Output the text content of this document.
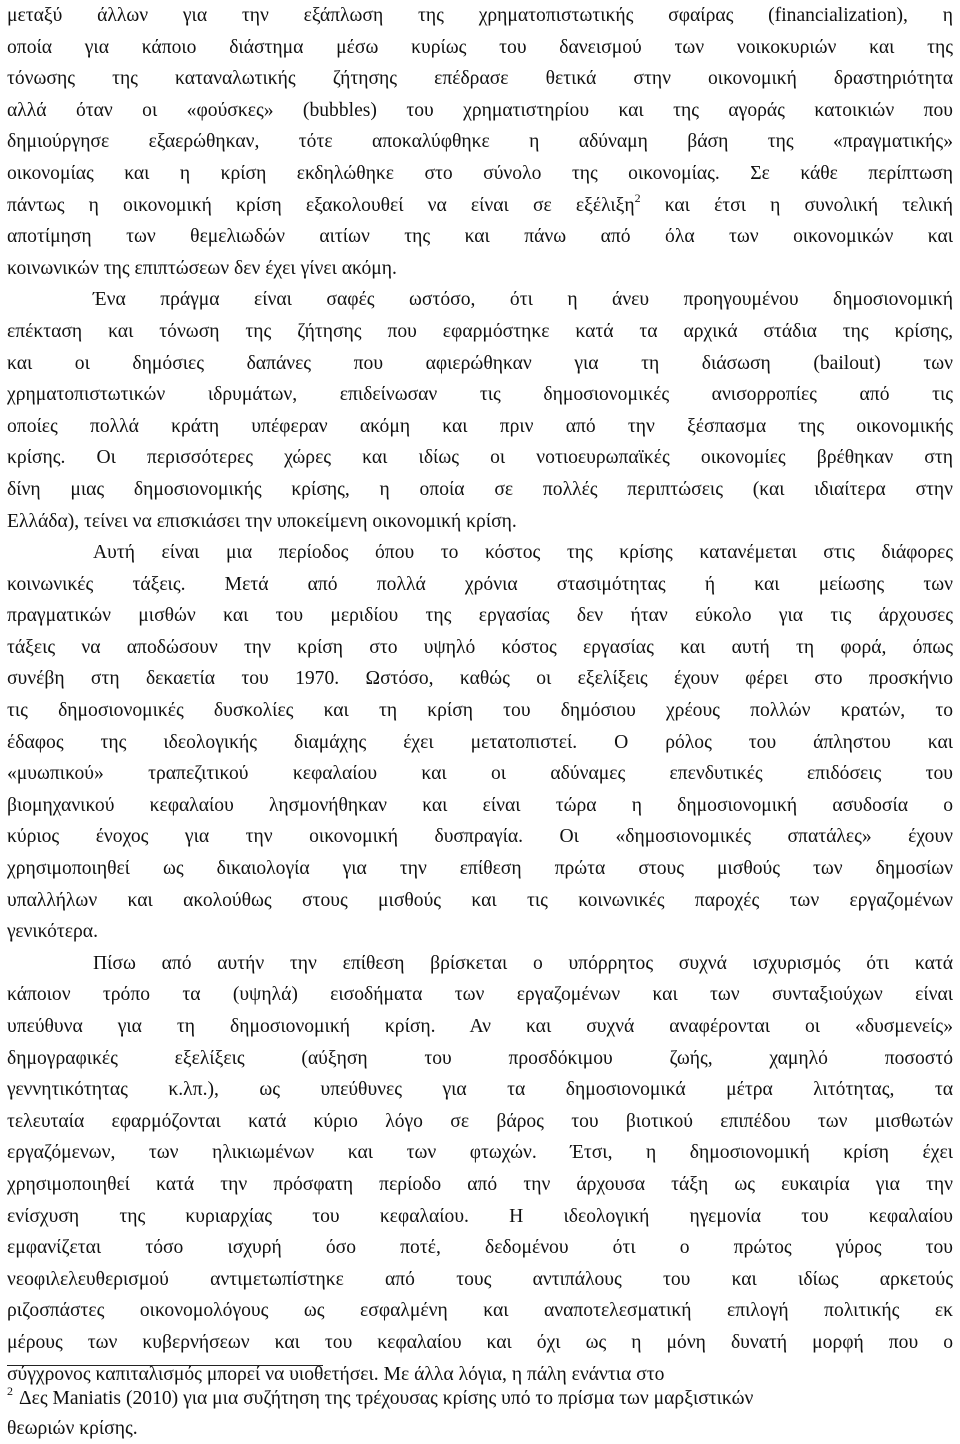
μεταξύ άλλων για την εξάπλωση της χρηματοπιστωτικής σφαίρας (financialization), η
οποία για κάποιο διάστημα μέσω κυρίως του δανεισμού των νοικοκυριών και της
τόνωσης της καταναλωτικής ζήτησης επέδρασε θετικά στην οικονομική δραστηριότητα
αλλά όταν οι «φούσκες» (bubbles) του χρηματιστηρίου και της αγοράς κατοικιών που
δημιούργησε εξαερώθηκαν, τότε αποκαλύφθηκε η αδύναμη βάση της «πραγματικής»
οικονομίας και η κρίση εκδηλώθηκε στο σύνολο της οικονομίας. Σε κάθε περίπτωση
πάντως η οικονομική κρίση εξακολουθεί να είναι σε εξέλιξη$^2$ και έτσι η συνολική τελική
αποτίμηση των θεμελιωδών αιτίων της και πάνω από όλα των οικονομικών και
κοινωνικών της επιπτώσεων δεν έχει γίνει ακόμη.
Ένα πράγμα είναι σαφές ωστόσο, ότι η άνευ προηγουμένου δημοσιονομική
επέκταση και τόνωση της ζήτησης που εφαρμόστηκε κατά τα αρχικά στάδια της κρίσης,
και οι δημόσιες δαπάνες που αφιερώθηκαν για τη διάσωση (bailout) των
χρηματοπιστωτικών ιδρυμάτων, επιδείνωσαν τις δημοσιονομικές ανισορροπίες από τις
οποίες πολλά κράτη υπέφεραν ακόμη και πριν από την ξέσπασμα της οικονομικής
κρίσης. Οι περισσότερες χώρες και ιδίως οι νοτιοευρωπαϊκές οικονομίες βρέθηκαν στη
δίνη μιας δημοσιονομικής κρίσης, η οποία σε πολλές περιπτώσεις (και ιδιαίτερα στην
Ελλάδα), τείνει να επισκιάσει την υποκείμενη οικονομική κρίση.
Αυτή είναι μια περίοδος όπου το κόστος της κρίσης κατανέμεται στις διάφορες
κοινωνικές τάξεις. Μετά από πολλά χρόνια στασιμότητας ή και μείωσης των
πραγματικών μισθών και του μεριδίου της εργασίας δεν ήταν εύκολο για τις άρχουσες
τάξεις να αποδώσουν την κρίση στο υψηλό κόστος εργασίας και αυτή τη φορά, όπως
συνέβη στη δεκαετία του 1970. Ωστόσο, καθώς οι εξελίξεις έχουν φέρει στο προσκήνιο
τις δημοσιονομικές δυσκολίες και τη κρίση του δημόσιου χρέους πολλών κρατών, το
έδαφος της ιδεολογικής διαμάχης έχει μετατοπιστεί. Ο ρόλος του άπληστου και
«μυωπικού» τραπεζιτικού κεφαλαίου και οι αδύναμες επενδυτικές επιδόσεις του
βιομηχανικού κεφαλαίου λησμονήθηκαν και είναι τώρα η δημοσιονομική ασυδοσία ο
κύριος ένοχος για την οικονομική δυσπραγία. Οι «δημοσιονομικές σπατάλες» έχουν
χρησιμοποιηθεί ως δικαιολογία για την επίθεση πρώτα στους μισθούς των δημοσίων
υπαλλήλων και ακολούθως στους μισθούς και τις κοινωνικές παροχές των εργαζομένων
γενικότερα.
Πίσω από αυτήν την επίθεση βρίσκεται ο υπόρρητος συχνά ισχυρισμός ότι κατά
κάποιον τρόπο τα (υψηλά) εισοδήματα των εργαζομένων και των συνταξιούχων είναι
υπεύθυνα για τη δημοσιονομική κρίση. Αν και συχνά αναφέρονται οι «δυσμενείς»
δημογραφικές εξελίξεις (αύξηση του προσδόκιμου ζωής, χαμηλό ποσοστό
γεννητικότητας κ.λπ.), ως υπεύθυνες για τα δημοσιονομικά μέτρα λιτότητας, τα
τελευταία εφαρμόζονται κατά κύριο λόγο σε βάρος του βιοτικού επιπέδου των μισθωτών
εργαζόμενων, των ηλικιωμένων και των φτωχών. Έτσι, η δημοσιονομική κρίση έχει
χρησιμοποιηθεί κατά την πρόσφατη περίοδο από την άρχουσα τάξη ως ευκαιρία για την
ενίσχυση της κυριαρχίας του κεφαλαίου. Η ιδεολογική ηγεμονία του κεφαλαίου
εμφανίζεται τόσο ισχυρή όσο ποτέ, δεδομένου ότι ο πρώτος γύρος του
νεοφιλελευθερισμού αντιμετωπίστηκε από τους αντιπάλους του και ιδίως αρκετούς
ριζοσπάστες οικονομολόγους ως εσφαλμένη και αναποτελεσματική επιλογή πολιτικής εκ
μέρους των κυβερνήσεων και του κεφαλαίου και όχι ως η μόνη δυνατή μορφή που ο
σύγχρονος καπιταλισμός μπορεί να υιοθετήσει. Με άλλα λόγια, η πάλη ενάντια στο
$^2$ Δες Maniatis (2010) για μια συζήτηση της τρέχουσας κρίσης υπό το πρίσμα των μαρξιστικών
θεωριών κρίσης.
